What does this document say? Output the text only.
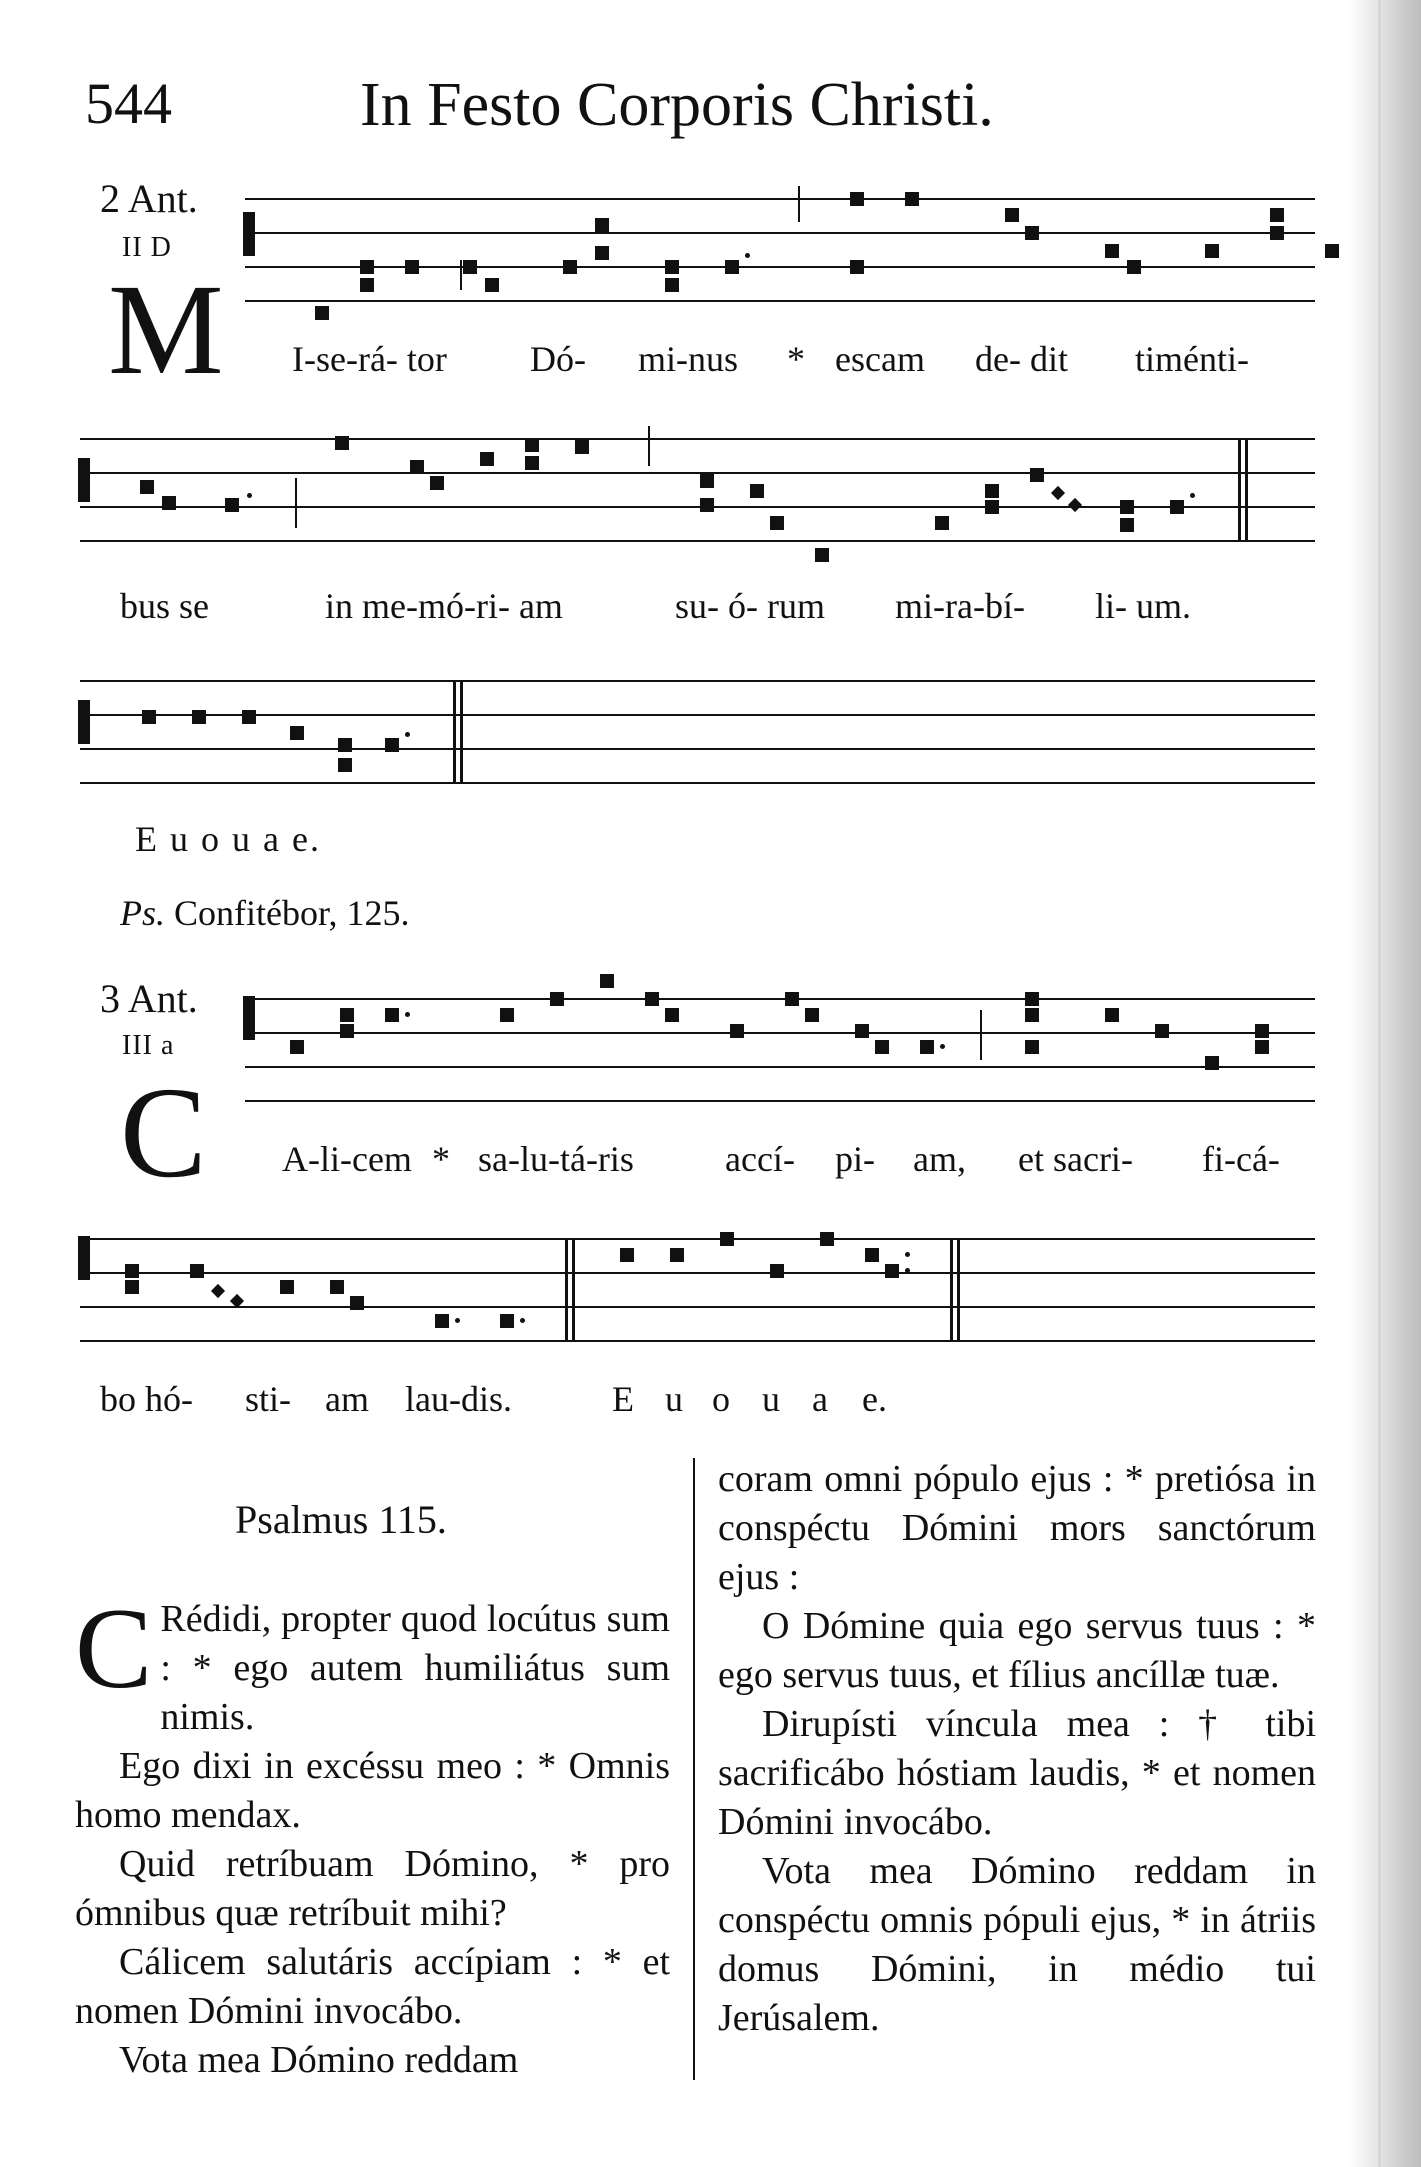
544	In Festo Corporis Christi.
2 Ant.
II D
M I-se-rá- tor Dó- mi-nus * escam de- dit timénti-
bus se	in me-mó-ri- am	su- ó- rum mi-ra-bí- li- um.
E u o u a e.
Ps. Confitébor, 125.
3 Ant.
III a
C A-li-cem * sa-lu-tá-ris	accí- pi- am, et sacri- fi-cá-
bo hó- sti- am lau-dis.	E u o u a e.
Psalmus 115.

C Rédidi, propter quod locútus sum : * ego autem humiliátus sum nimis.

Ego dixi in excéssu meo : * Omnis homo mendax.

Quid retríbuam Dómino, * pro ómnibus quæ retríbuit mihi?

Cálicem salutáris accípiam : * et nomen Dómini invocábo.

Vota mea Dómino reddam

coram omni pópulo ejus : * pretiósa in conspéctu Dómini mors sanctórum ejus :

O Dómine quia ego servus tuus : * ego servus tuus, et fílius ancíllæ tuæ.

Dirupísti víncula mea : † tibi sacrificábo hóstiam laudis, * et nomen Dómini invocábo.

Vota mea Dómino reddam in conspéctu omnis pópuli ejus, * in átriis domus Dómini, in médio tui Jerúsalem.
